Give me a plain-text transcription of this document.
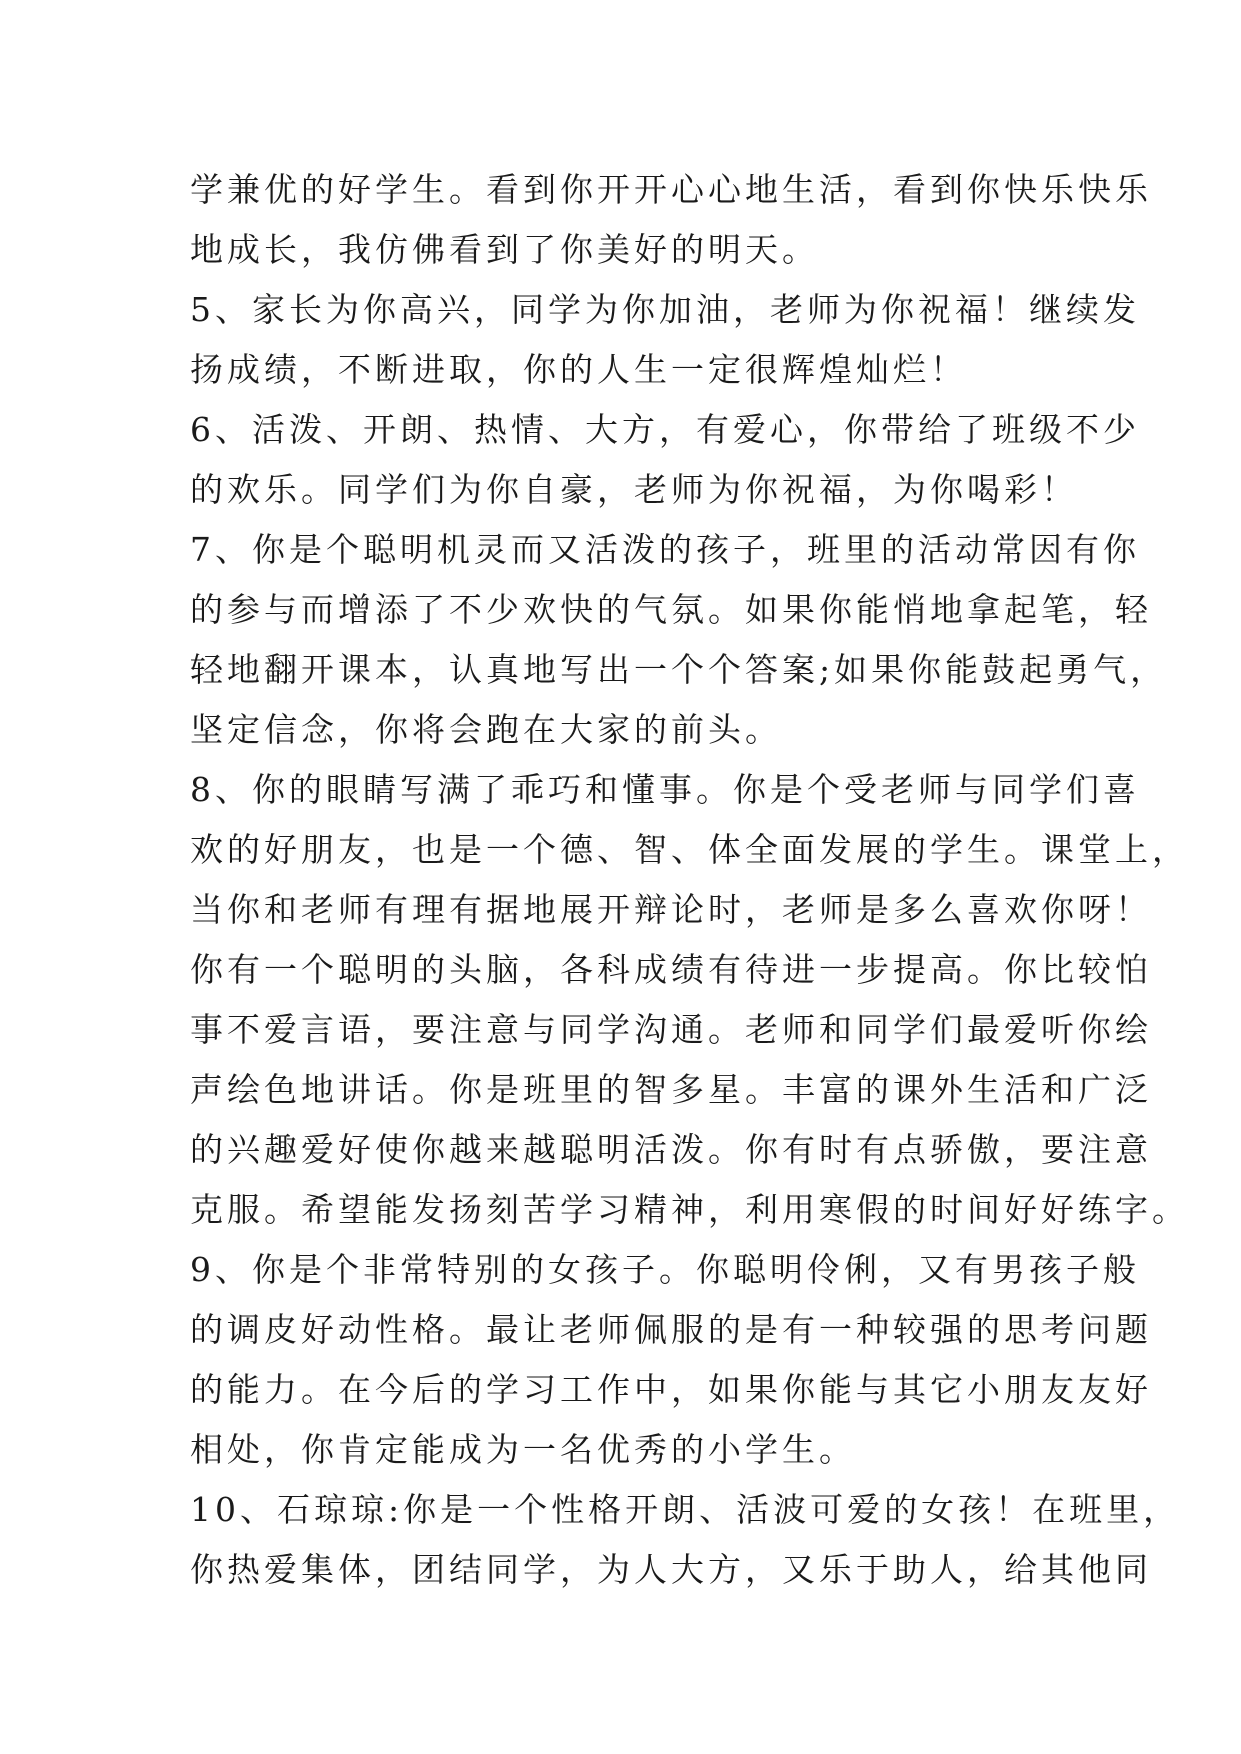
学兼优的好学生。看到你开开心心地生活，看到你快乐快乐
地成长，我仿佛看到了你美好的明天。
5、家长为你高兴，同学为你加油，老师为你祝福！继续发
扬成绩，不断进取，你的人生一定很辉煌灿烂！
6、活泼、开朗、热情、大方，有爱心，你带给了班级不少
的欢乐。同学们为你自豪，老师为你祝福，为你喝彩！
7、你是个聪明机灵而又活泼的孩子，班里的活动常因有你
的参与而增添了不少欢快的气氛。如果你能悄地拿起笔，轻
轻地翻开课本，认真地写出一个个答案;如果你能鼓起勇气，
坚定信念，你将会跑在大家的前头。
8、你的眼睛写满了乖巧和懂事。你是个受老师与同学们喜
欢的好朋友，也是一个德、智、体全面发展的学生。课堂上，
当你和老师有理有据地展开辩论时，老师是多么喜欢你呀！
你有一个聪明的头脑，各科成绩有待进一步提高。你比较怕
事不爱言语，要注意与同学沟通。老师和同学们最爱听你绘
声绘色地讲话。你是班里的智多星。丰富的课外生活和广泛
的兴趣爱好使你越来越聪明活泼。你有时有点骄傲，要注意
克服。希望能发扬刻苦学习精神，利用寒假的时间好好练字。
9、你是个非常特别的女孩子。你聪明伶俐，又有男孩子般
的调皮好动性格。最让老师佩服的是有一种较强的思考问题
的能力。在今后的学习工作中，如果你能与其它小朋友友好
相处，你肯定能成为一名优秀的小学生。
10、石琼琼:你是一个性格开朗、活波可爱的女孩！在班里，
你热爱集体，团结同学，为人大方，又乐于助人，给其他同
